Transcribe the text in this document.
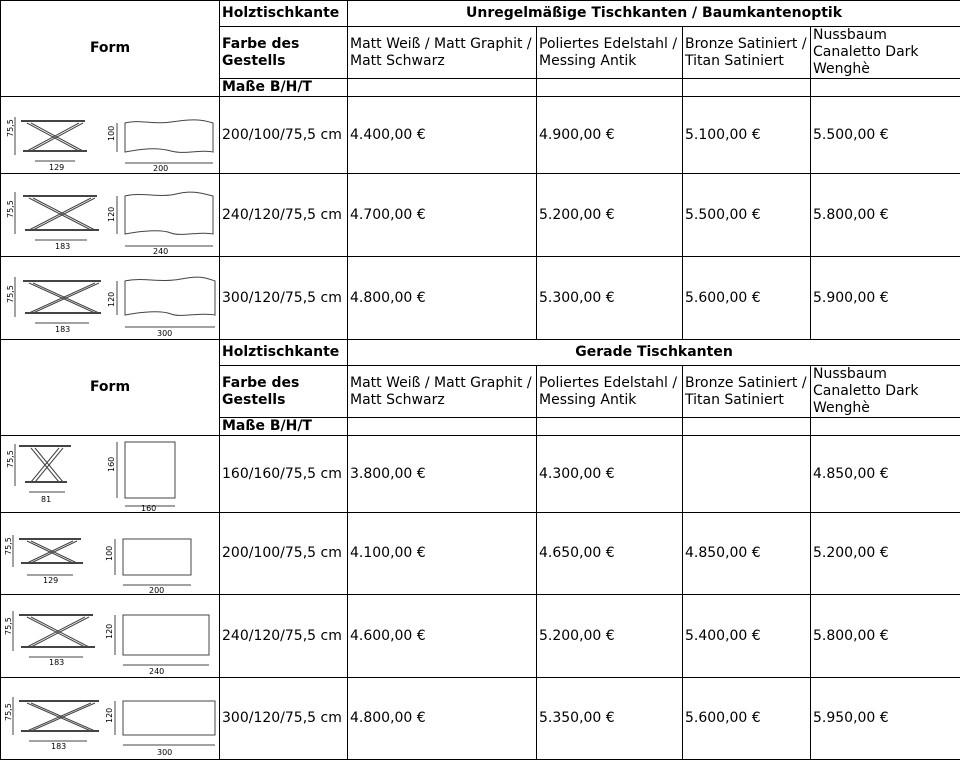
Form	Holztischkante	Unregelmäßige Tischkanten / Baumkantenoptik			
	Farbe des Gestells	Matt Weiß / Matt Graphit / Matt Schwarz	Poliertes Edelstahl / Messing Antik	Bronze Satiniert / Titan Satiniert	Nussbaum Canaletto Dark Wenghè
	Maße B/H/T				

75,5
129
100
200	200/100/75,5 cm	4.400,00 €	4.900,00 €	5.100,00 €	5.500,00 €

75,5
183
120
240	240/120/75,5 cm	4.700,00 €	5.200,00 €	5.500,00 €	5.800,00 €

75,5
183
120
300	300/120/75,5 cm	4.800,00 €	5.300,00 €	5.600,00 €	5.900,00 €
Form	Holztischkante	Gerade Tischkanten			
	Farbe des Gestells	Matt Weiß / Matt Graphit / Matt Schwarz	Poliertes Edelstahl / Messing Antik	Bronze Satiniert / Titan Satiniert	Nussbaum Canaletto Dark Wenghè
	Maße B/H/T				

75,5
81
160
160	160/160/75,5 cm	3.800,00 €	4.300,00 €		4.850,00 €

75,5
129
100
200	200/100/75,5 cm	4.100,00 €	4.650,00 €	4.850,00 €	5.200,00 €

75,5
183
120
240	240/120/75,5 cm	4.600,00 €	5.200,00 €	5.400,00 €	5.800,00 €

75,5
183
120
300	300/120/75,5 cm	4.800,00 €	5.350,00 €	5.600,00 €	5.950,00 €
